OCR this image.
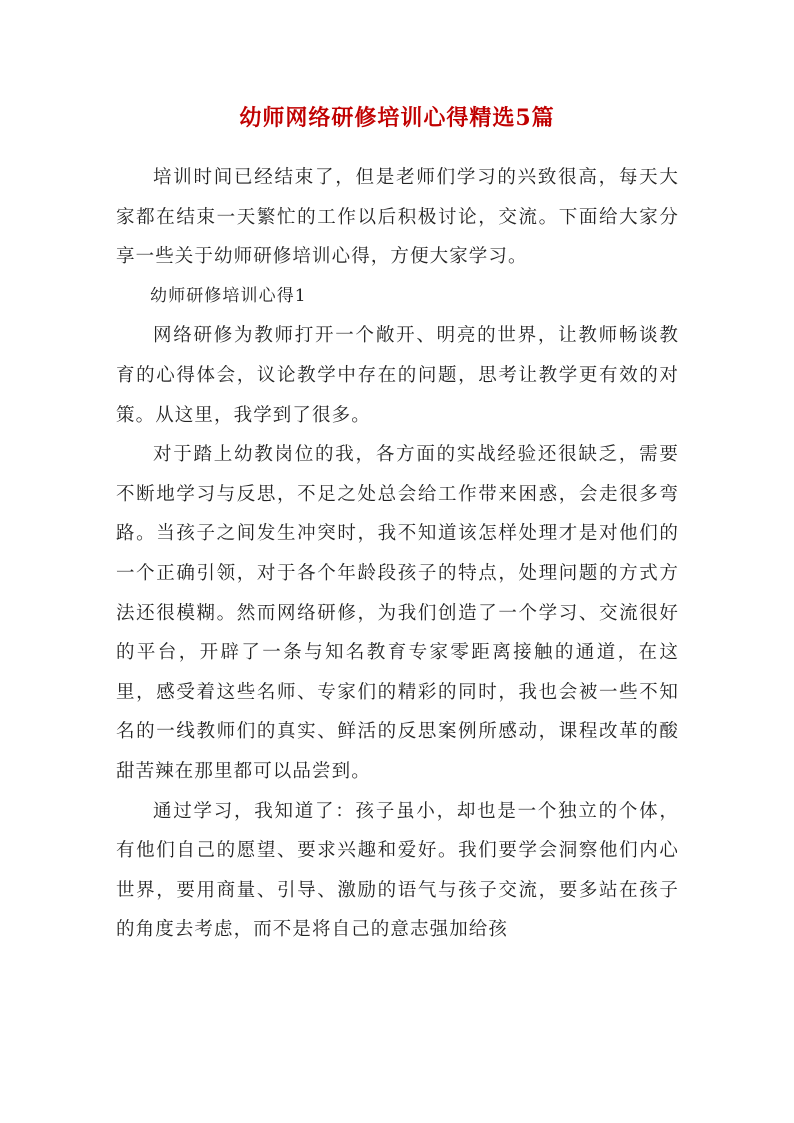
幼师网络研修培训心得精选5篇

培训时间已经结束了，但是老师们学习的兴致很高，每天大家都在结束一天繁忙的工作以后积极讨论，交流。下面给大家分享一些关于幼师研修培训心得，方便大家学习。

幼师研修培训心得1

网络研修为教师打开一个敞开、明亮的世界，让教师畅谈教育的心得体会，议论教学中存在的问题，思考让教学更有效的对策。从这里，我学到了很多。

对于踏上幼教岗位的我，各方面的实战经验还很缺乏，需要不断地学习与反思，不足之处总会给工作带来困惑，会走很多弯路。当孩子之间发生冲突时，我不知道该怎样处理才是对他们的一个正确引领，对于各个年龄段孩子的特点，处理问题的方式方法还很模糊。然而网络研修，为我们创造了一个学习、交流很好的平台，开辟了一条与知名教育专家零距离接触的通道，在这里，感受着这些名师、专家们的精彩的同时，我也会被一些不知名的一线教师们的真实、鲜活的反思案例所感动，课程改革的酸甜苦辣在那里都可以品尝到。

通过学习，我知道了：孩子虽小，却也是一个独立的个体，有他们自己的愿望、要求兴趣和爱好。我们要学会洞察他们内心世界，要用商量、引导、激励的语气与孩子交流，要多站在孩子的角度去考虑，而不是将自己的意志强加给孩
